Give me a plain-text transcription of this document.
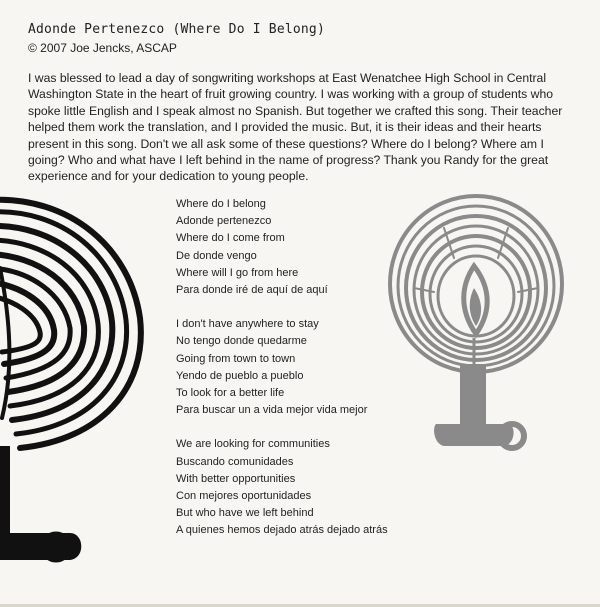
Adonde Pertenezco (Where Do I Belong)
© 2007 Joe Jencks, ASCAP

I was blessed to lead a day of songwriting workshops at East Wenatchee High School in Central Washington State in the heart of fruit growing country. I was working with a group of students who spoke little English and I speak almost no Spanish. But together we crafted this song. Their teacher helped them work the translation, and I provided the music. But, it is their ideas and their hearts present in this song. Don't we all ask some of these questions? Where do I belong? Where am I going? Who and what have I left behind in the name of progress? Thank you Randy for the great experience and for your dedication to young people.

Where do I belong
Adonde pertenezco
Where do I come from
De donde vengo
Where will I go from here
Para donde iré de aquí de aquí
I don't have anywhere to stay
No tengo donde quedarme
Going from town to town
Yendo de pueblo a pueblo
To look for a better life
Para buscar un a vida mejor vida mejor
We are looking for communities
Buscando comunidades
With better opportunities
Con mejores oportunidades
But who have we left behind
A quienes hemos dejado atrás dejado atrás
